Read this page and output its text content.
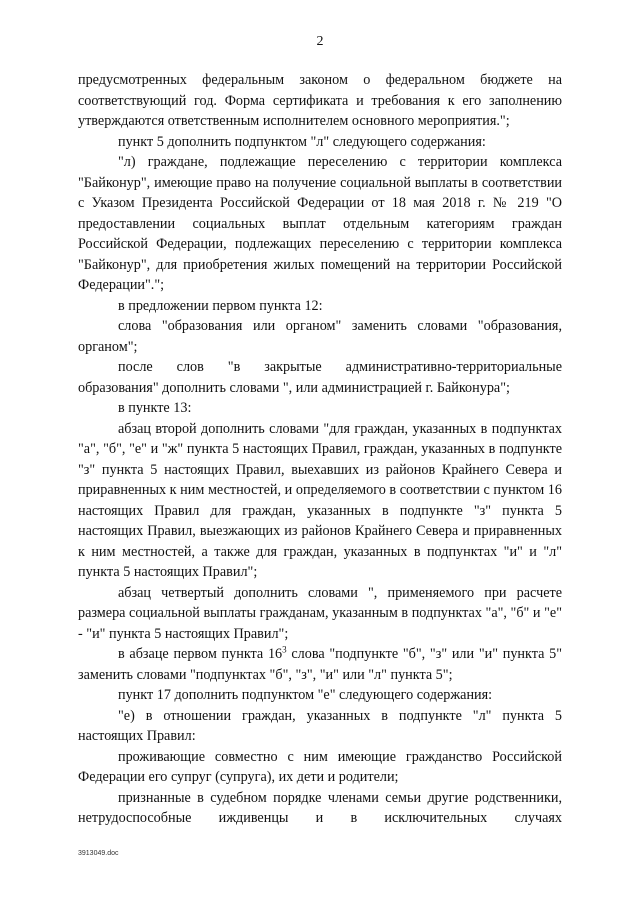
2

предусмотренных федеральным законом о федеральном бюджете на соответствующий год. Форма сертификата и требования к его заполнению утверждаются ответственным исполнителем основного мероприятия.";

пункт 5 дополнить подпунктом "л" следующего содержания:

"л) граждане, подлежащие переселению с территории комплекса "Байконур", имеющие право на получение социальной выплаты в соответствии с Указом Президента Российской Федерации от 18 мая 2018 г. № 219 "О предоставлении социальных выплат отдельным категориям граждан Российской Федерации, подлежащих переселению с территории комплекса "Байконур", для приобретения жилых помещений на территории Российской Федерации".";

в предложении первом пункта 12:

слова "образования или органом" заменить словами "образования, органом";

после слов "в закрытые административно-территориальные образования" дополнить словами ", или администрацией г. Байконура";

в пункте 13:

абзац второй дополнить словами "для граждан, указанных в подпунктах "а", "б", "е" и "ж" пункта 5 настоящих Правил, граждан, указанных в подпункте "з" пункта 5 настоящих Правил, выехавших из районов Крайнего Севера и приравненных к ним местностей, и определяемого в соответствии с пунктом 16 настоящих Правил для граждан, указанных в подпункте "з" пункта 5 настоящих Правил, выезжающих из районов Крайнего Севера и приравненных к ним местностей, а также для граждан, указанных в подпунктах "и" и "л" пункта 5 настоящих Правил";

абзац четвертый дополнить словами ", применяемого при расчете размера социальной выплаты гражданам, указанным в подпунктах "а", "б" и "е" - "и" пункта 5 настоящих Правил";

в абзаце первом пункта $16^3$ слова "подпункте "б", "з" или "и" пункта 5" заменить словами "подпунктах "б", "з", "и" или "л" пункта 5";

пункт 17 дополнить подпунктом "е" следующего содержания:

"е) в отношении граждан, указанных в подпункте "л" пункта 5 настоящих Правил:

проживающие совместно с ним имеющие гражданство Российской Федерации его супруг (супруга), их дети и родители;

признанные в судебном порядке членами семьи другие родственники, нетрудоспособные иждивенцы и в исключительных случаях

3913049.doc
